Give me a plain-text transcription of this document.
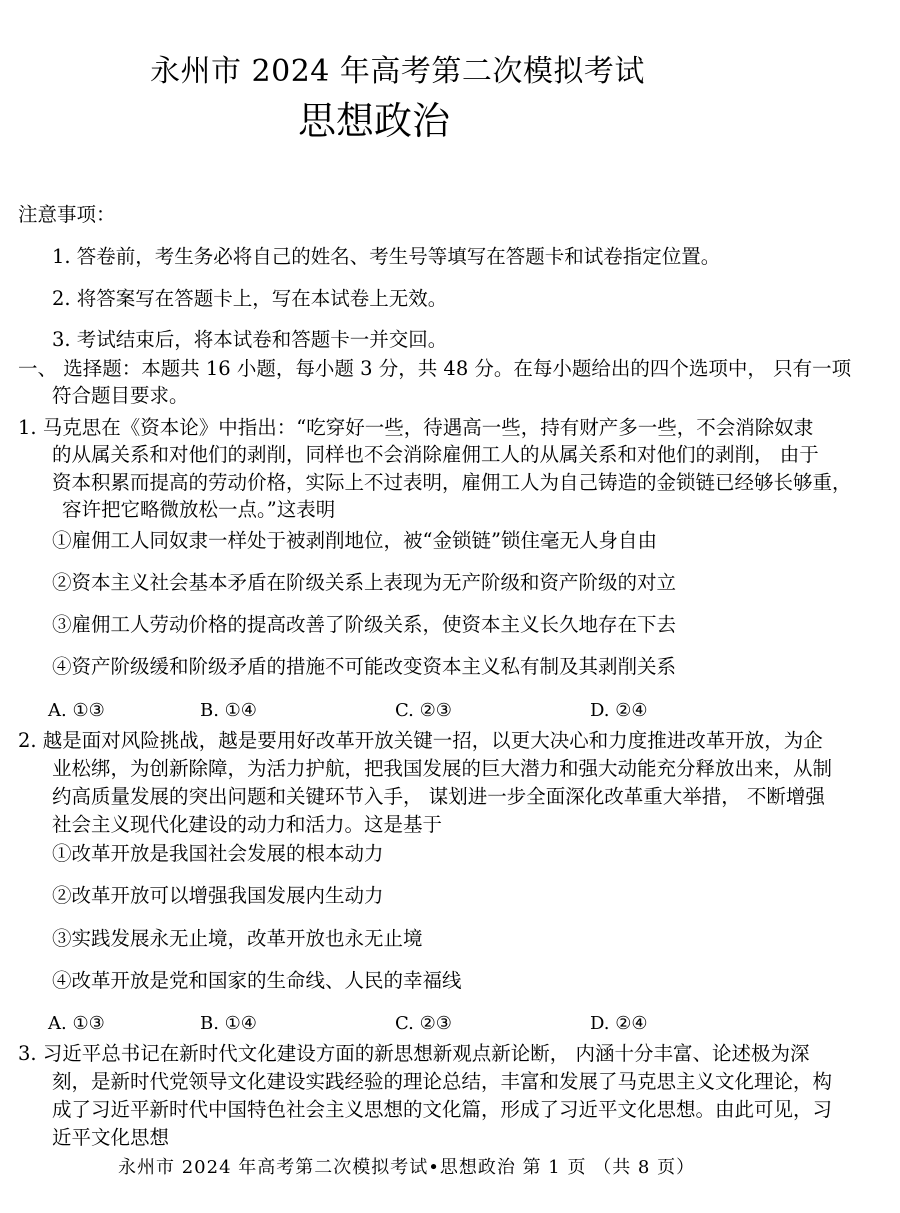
永州市 2024 年高考第二次模拟考试
思想政治
注意事项：
1. 答卷前，考生务必将自己的姓名、考生号等填写在答题卡和试卷指定位置。
2. 将答案写在答题卡上，写在本试卷上无效。
3. 考试结束后，将本试卷和答题卡一并交回。
一、 选择题：本题共 16 小题，每小题 3 分，共 48 分。在每小题给出的四个选项中， 只有一项
符合题目要求。
1. 马克思在《资本论》中指出：“吃穿好一些，待遇高一些，持有财产多一些，不会消除奴隶
的从属关系和对他们的剥削，同样也不会消除雇佣工人的从属关系和对他们的剥削， 由于
资本积累而提高的劳动价格，实际上不过表明，雇佣工人为自己铸造的金锁链已经够长够重，
容许把它略微放松一点。”这表明
①雇佣工人同奴隶一样处于被剥削地位，被“金锁链”锁住毫无人身自由
②资本主义社会基本矛盾在阶级关系上表现为无产阶级和资产阶级的对立
③雇佣工人劳动价格的提高改善了阶级关系，使资本主义长久地存在下去
④资产阶级缓和阶级矛盾的措施不可能改变资本主义私有制及其剥削关系
A. ①③	B. ①④	C. ②③	D. ②④
2. 越是面对风险挑战，越是要用好改革开放关键一招，以更大决心和力度推进改革开放，为企
业松绑，为创新除障，为活力护航，把我国发展的巨大潜力和强大动能充分释放出来，从制
约高质量发展的突出问题和关键环节入手， 谋划进一步全面深化改革重大举措， 不断增强
社会主义现代化建设的动力和活力。这是基于
①改革开放是我国社会发展的根本动力
②改革开放可以增强我国发展内生动力
③实践发展永无止境，改革开放也永无止境
④改革开放是党和国家的生命线、人民的幸福线
A. ①③	B. ①④	C. ②③	D. ②④
3. 习近平总书记在新时代文化建设方面的新思想新观点新论断， 内涵十分丰富、论述极为深
刻，是新时代党领导文化建设实践经验的理论总结，丰富和发展了马克思主义文化理论，构
成了习近平新时代中国特色社会主义思想的文化篇，形成了习近平文化思想。由此可见，习
近平文化思想
永州市 2024 年高考第二次模拟考试•思想政治 第 1 页 （共 8 页）
